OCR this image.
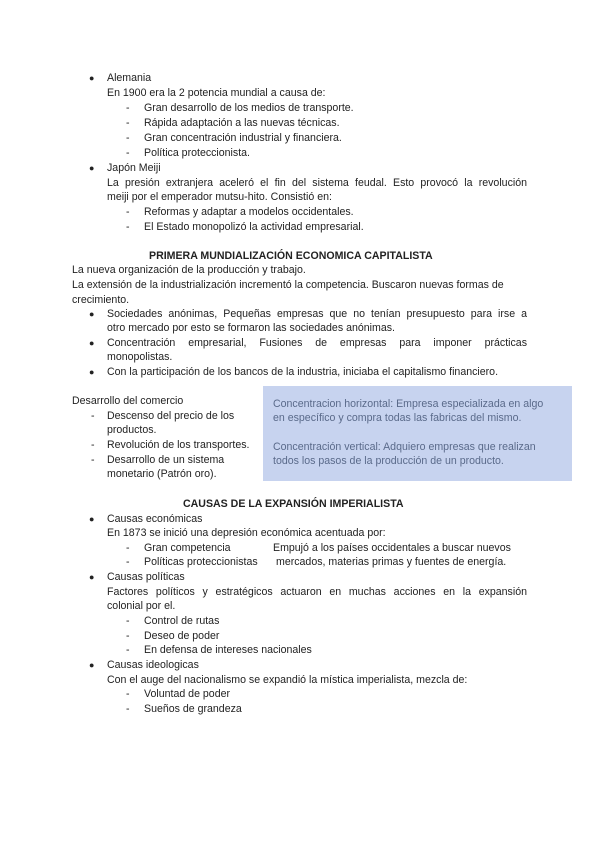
● Alemania
En 1900 era la 2 potencia mundial a causa de:
- Gran desarrollo de los medios de transporte.
- Rápida adaptación a las nuevas técnicas.
- Gran concentración industrial y financiera.
- Política proteccionista.
● Japón Meiji
La presión extranjera aceleró el fin del sistema feudal. Esto provocó la revolución
meiji por el emperador mutsu-hito. Consistió en:
- Reformas y adaptar a modelos occidentales.
- El Estado monopolizó la actividad empresarial.
PRIMERA MUNDIALIZACIÓN ECONOMICA CAPITALISTA
La nueva organización de la producción y trabajo.
La extensión de la industrialización incrementó la competencia. Buscaron nuevas formas de
crecimiento.
● Sociedades anónimas, Pequeñas empresas que no tenían presupuesto para irse a
otro mercado por esto se formaron las sociedades anónimas.
● Concentración empresarial, Fusiones de empresas para imponer prácticas
monopolistas.
● Con la participación de los bancos de la industria, iniciaba el capitalismo financiero.
Desarrollo del comercio
- Descenso del precio de los
productos.
- Revolución de los transportes.
- Desarrollo de un sistema
monetario (Patrón oro).
Concentracion horizontal: Empresa especializada en algo
en específico y compra todas las fabricas del mismo.
Concentración vertical: Adquiero empresas que realizan
todos los pasos de la producción de un producto.
CAUSAS DE LA EXPANSIÓN IMPERIALISTA
● Causas económicas
En 1873 se inició una depresión económica acentuada por:
- Gran competencia	Empujó a los países occidentales a buscar nuevos
- Políticas proteccionistas mercados, materias primas y fuentes de energía.
● Causas políticas
Factores políticos y estratégicos actuaron en muchas acciones en la expansión
colonial por el.
- Control de rutas
- Deseo de poder
- En defensa de intereses nacionales
● Causas ideologicas
Con el auge del nacionalismo se expandió la mística imperialista, mezcla de:
- Voluntad de poder
- Sueños de grandeza
